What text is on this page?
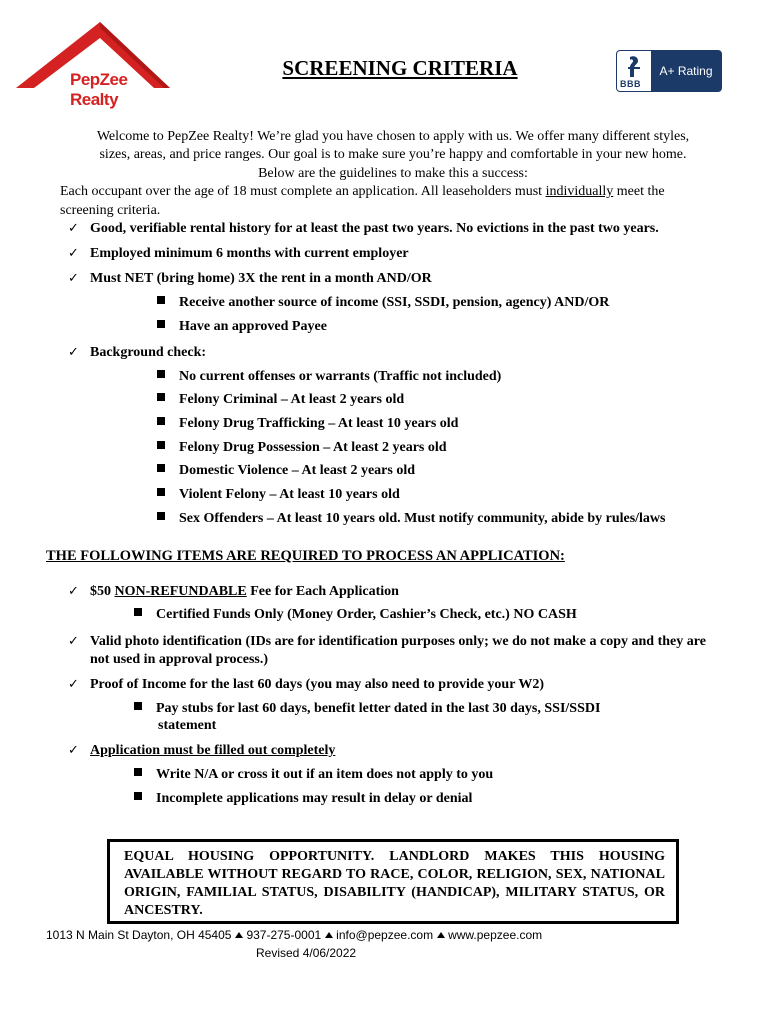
PepZee Realty
SCREENING CRITERIA
BBB
A+ Rating
Welcome to PepZee Realty! We’re glad you have chosen to apply with us. We offer many different styles,
sizes, areas, and price ranges. Our goal is to make sure you’re happy and comfortable in your new home.
Below are the guidelines to make this a success:
Each occupant over the age of 18 must complete an application. All leaseholders must individually meet the
screening criteria.
✓ Good, verifiable rental history for at least the past two years. No evictions in the past two years.
✓ Employed minimum 6 months with current employer
✓ Must NET (bring home) 3X the rent in a month AND/OR
Receive another source of income (SSI, SSDI, pension, agency) AND/OR
Have an approved Payee
✓ Background check:
No current offenses or warrants (Traffic not included)
Felony Criminal – At least 2 years old
Felony Drug Trafficking – At least 10 years old
Felony Drug Possession – At least 2 years old
Domestic Violence – At least 2 years old
Violent Felony – At least 10 years old
Sex Offenders – At least 10 years old. Must notify community, abide by rules/laws
THE FOLLOWING ITEMS ARE REQUIRED TO PROCESS AN APPLICATION:
✓ $50 NON-REFUNDABLE Fee for Each Application
Certified Funds Only (Money Order, Cashier’s Check, etc.) NO CASH
✓ Valid photo identification (IDs are for identification purposes only; we do not make a copy and they are
not used in approval process.)
✓ Proof of Income for the last 60 days (you may also need to provide your W2)
Pay stubs for last 60 days, benefit letter dated in the last 30 days, SSI/SSDI
statement
✓ Application must be filled out completely
Write N/A or cross it out if an item does not apply to you
Incomplete applications may result in delay or denial

EQUAL HOUSING OPPORTUNITY. LANDLORD MAKES THIS HOUSING AVAILABLE WITHOUT REGARD TO RACE, COLOR, RELIGION, SEX, NATIONAL ORIGIN, FAMILIAL STATUS, DISABILITY (HANDICAP), MILITARY STATUS, OR ANCESTRY.

1013 N Main St Dayton, OH 45405 937-275-0001 info@pepzee.com www.pepzee.com
Revised 4/06/2022
